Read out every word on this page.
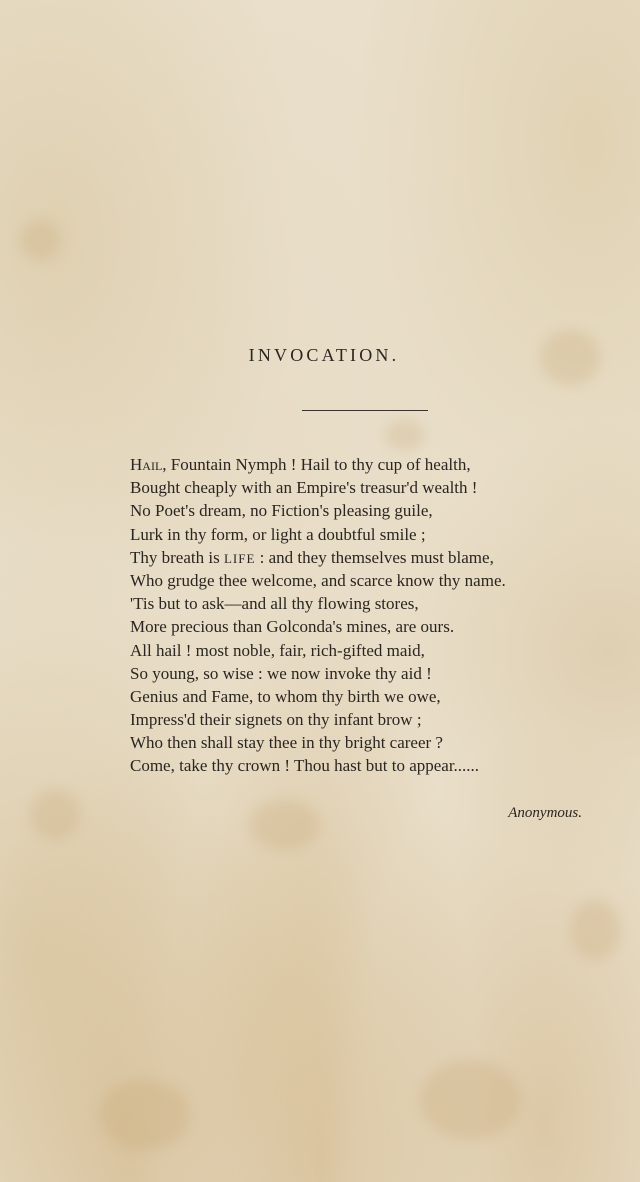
INVOCATION.
Hail, Fountain Nymph ! Hail to thy cup of health,
Bought cheaply with an Empire's treasur'd wealth !
No Poet's dream, no Fiction's pleasing guile,
Lurk in thy form, or light a doubtful smile ;
Thy breath is LIFE : and they themselves must blame,
Who grudge thee welcome, and scarce know thy name.
'Tis but to ask—and all thy flowing stores,
More precious than Golconda's mines, are ours.
All hail ! most noble, fair, rich-gifted maid,
So young, so wise : we now invoke thy aid !
Genius and Fame, to whom thy birth we owe,
Impress'd their signets on thy infant brow ;
Who then shall stay thee in thy bright career ?
Come, take thy crown ! Thou hast but to appear......
Anonymous.
